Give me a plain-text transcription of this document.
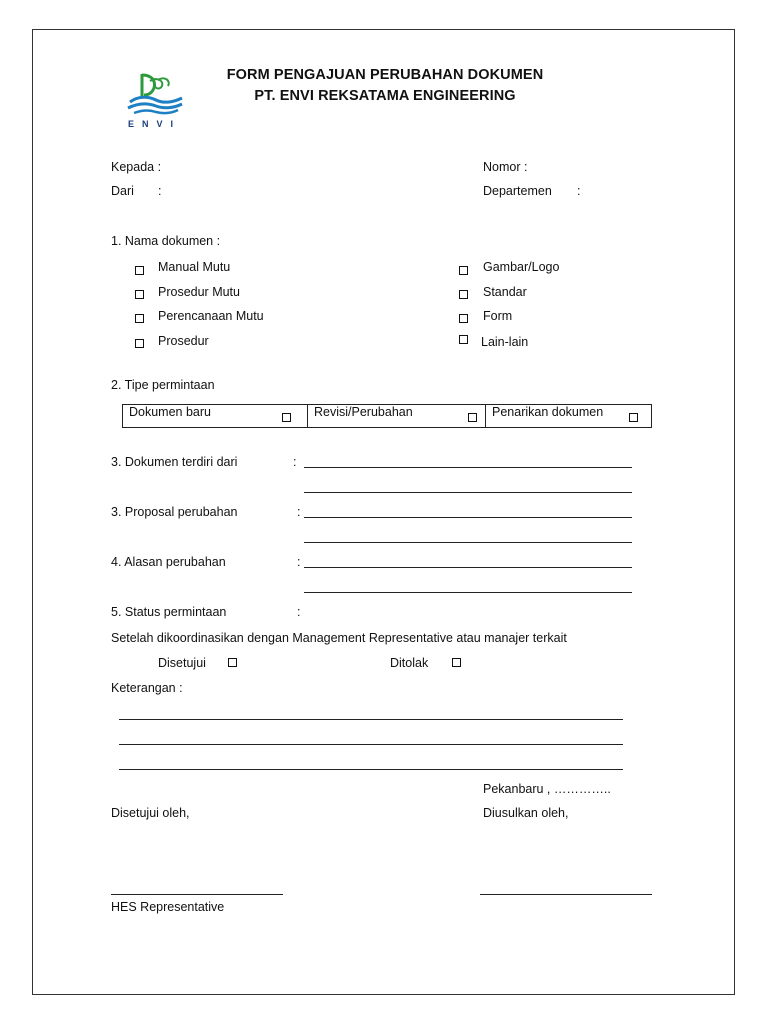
ENVI
FORM PENGAJUAN PERUBAHAN DOKUMEN
PT. ENVI REKSATAMA ENGINEERING
Kepada :
Dari :
Nomor :
Departemen :
1. Nama dokumen :
Manual Mutu
Prosedur Mutu
Perencanaan Mutu
Prosedur
Gambar/Logo
Standar
Form
Lain-lain
2. Tipe permintaan
Dokumen baru	Revisi/Perubahan	Penarikan dokumen
3. Dokumen terdiri dari	:
3. Proposal perubahan	:
4. Alasan perubahan	:
5. Status permintaan	:
Setelah dikoordinasikan dengan Management Representative atau manajer terkait
Disetujui	Ditolak
Keterangan :
Pekanbaru , …………..
Disetujui oleh,	Diusulkan oleh,
HES Representative
